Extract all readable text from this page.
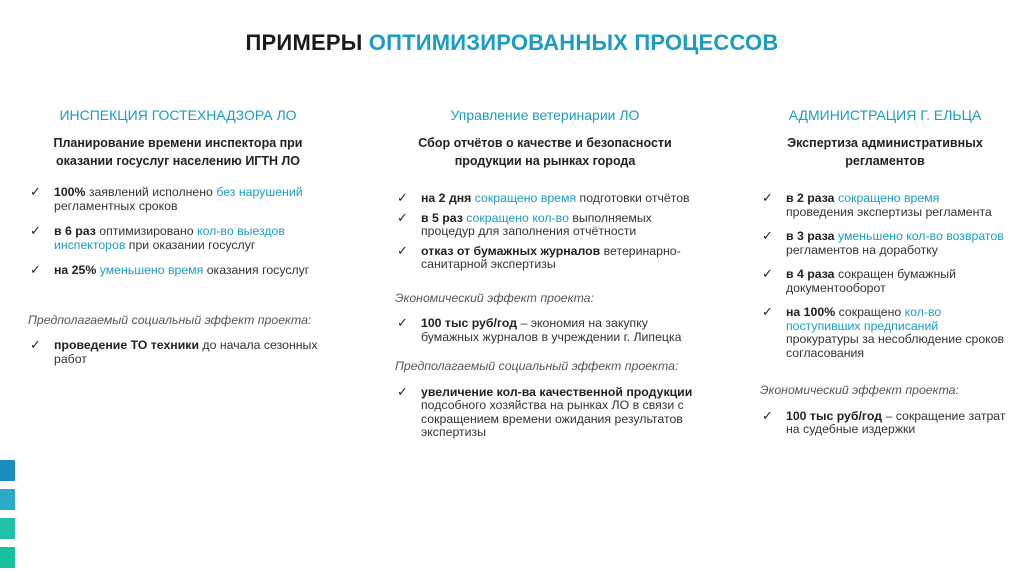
ПРИМЕРЫ ОПТИМИЗИРОВАННЫХ ПРОЦЕССОВ
ИНСПЕКЦИЯ ГОСТЕХНАДЗОРА ЛО
Планирование времени инспектора при оказании госуслуг населению ИГТН ЛО
✓ 100% заявлений исполнено без нарушений регламентных сроков
✓ в 6 раз оптимизировано кол-во выездов инспекторов при оказании госуслуг
✓ на 25% уменьшено время оказания госуслуг
Предполагаемый социальный эффект проекта:
✓ проведение ТО техники до начала сезонных работ
Управление ветеринарии ЛО
Сбор отчётов о качестве и безопасности продукции на рынках города
✓ на 2 дня сокращено время подготовки отчётов
✓ в 5 раз сокращено кол-во выполняемых процедур для заполнения отчётности
✓ отказ от бумажных журналов ветеринарно-санитарной экспертизы
Экономический эффект проекта:
✓ 100 тыс руб/год – экономия на закупку бумажных журналов в учреждении г. Липецка
Предполагаемый социальный эффект проекта:
✓ увеличение кол-ва качественной продукции подсобного хозяйства на рынках ЛО в связи с сокращением времени ожидания результатов экспертизы
АДМИНИСТРАЦИЯ Г. ЕЛЬЦА
Экспертиза административных регламентов
✓ в 2 раза сокращено время проведения экспертизы регламента
✓ в 3 раза уменьшено кол-во возвратов регламентов на доработку
✓ в 4 раза сокращен бумажный документооборот
✓ на 100% сокращено кол-во поступивших предписаний прокуратуры за несоблюдение сроков согласования
Экономический эффект проекта:
✓ 100 тыс руб/год – сокращение затрат на судебные издержки
